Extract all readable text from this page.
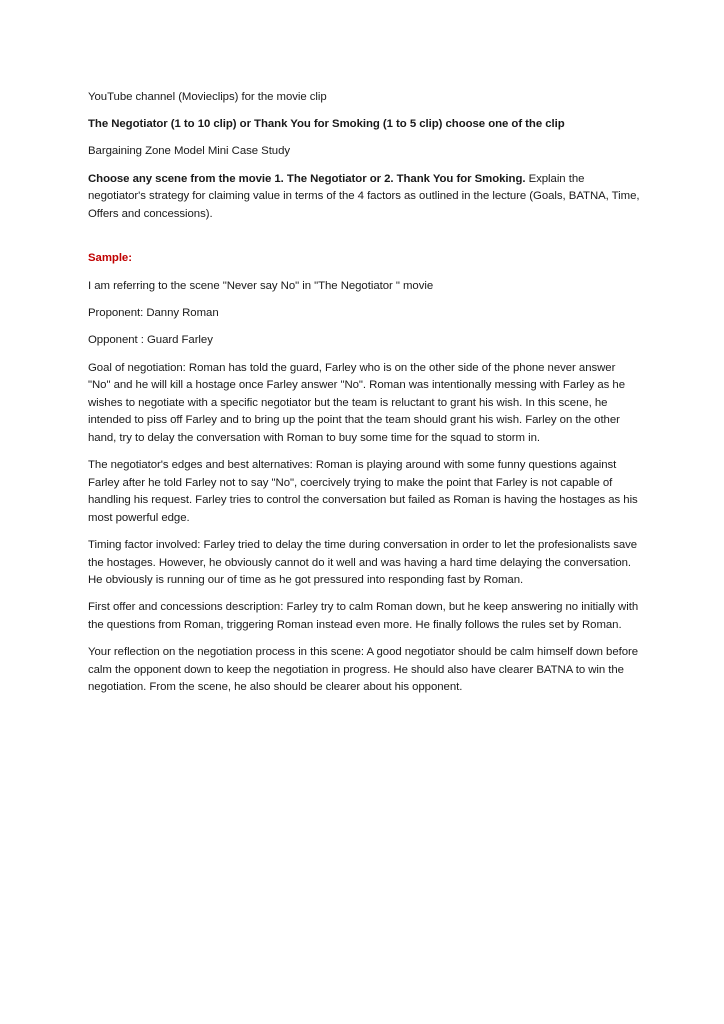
YouTube channel (Movieclips) for the movie clip

The Negotiator (1 to 10 clip) or Thank You for Smoking (1 to 5 clip) choose one of the clip

Bargaining Zone Model Mini Case Study

Choose any scene from the movie 1. The Negotiator or 2. Thank You for Smoking. Explain the negotiator's strategy for claiming value in terms of the 4 factors as outlined in the lecture (Goals, BATNA, Time, Offers and concessions).

Sample:

I am referring to the scene "Never say No" in "The Negotiator " movie

Proponent: Danny Roman

Opponent : Guard Farley

Goal of negotiation: Roman has told the guard, Farley who is on the other side of the phone never answer "No" and he will kill a hostage once Farley answer "No". Roman was intentionally messing with Farley as he wishes to negotiate with a specific negotiator but the team is reluctant to grant his wish. In this scene, he intended to piss off Farley and to bring up the point that the team should grant his wish. Farley on the other hand, try to delay the conversation with Roman to buy some time for the squad to storm in.

The negotiator's edges and best alternatives: Roman is playing around with some funny questions against Farley after he told Farley not to say "No", coercively trying to make the point that Farley is not capable of handling his request. Farley tries to control the conversation but failed as Roman is having the hostages as his most powerful edge.

Timing factor involved: Farley tried to delay the time during conversation in order to let the profesionalists save the hostages. However, he obviously cannot do it well and was having a hard time delaying the conversation. He obviously is running our of time as he got pressured into responding fast by Roman.

First offer and concessions description: Farley try to calm Roman down, but he keep answering no initially with the questions from Roman, triggering Roman instead even more. He finally follows the rules set by Roman.

Your reflection on the negotiation process in this scene: A good negotiator should be calm himself down before calm the opponent down to keep the negotiation in progress. He should also have clearer BATNA to win the negotiation. From the scene, he also should be clearer about his opponent.
